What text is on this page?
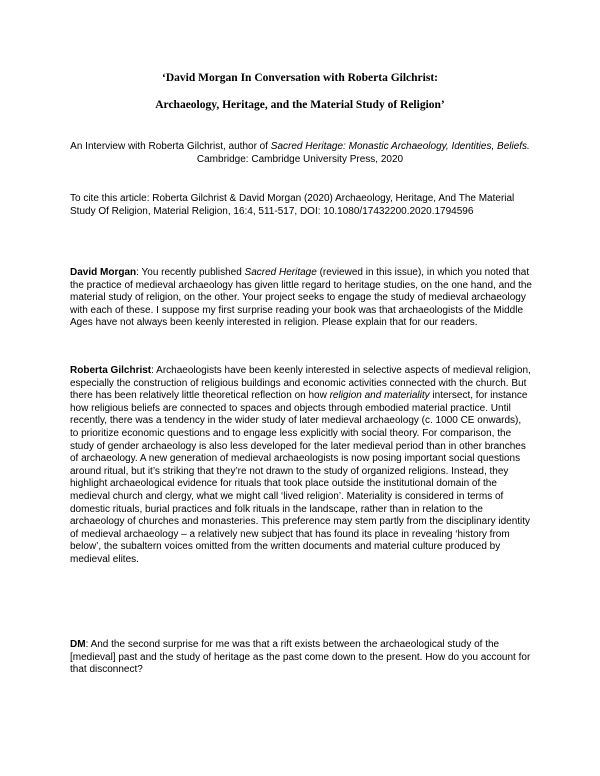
‘David Morgan In Conversation with Roberta Gilchrist:
Archaeology, Heritage, and the Material Study of Religion’
An Interview with Roberta Gilchrist, author of Sacred Heritage: Monastic Archaeology, Identities, Beliefs. Cambridge: Cambridge University Press, 2020
To cite this article: Roberta Gilchrist & David Morgan (2020) Archaeology, Heritage, And The Material Study Of Religion, Material Religion, 16:4, 511-517, DOI: 10.1080/17432200.2020.1794596
David Morgan: You recently published Sacred Heritage (reviewed in this issue), in which you noted that the practice of medieval archaeology has given little regard to heritage studies, on the one hand, and the material study of religion, on the other. Your project seeks to engage the study of medieval archaeology with each of these. I suppose my first surprise reading your book was that archaeologists of the Middle Ages have not always been keenly interested in religion. Please explain that for our readers.
Roberta Gilchrist: Archaeologists have been keenly interested in selective aspects of medieval religion, especially the construction of religious buildings and economic activities connected with the church. But there has been relatively little theoretical reflection on how religion and materiality intersect, for instance how religious beliefs are connected to spaces and objects through embodied material practice. Until recently, there was a tendency in the wider study of later medieval archaeology (c. 1000 CE onwards), to prioritize economic questions and to engage less explicitly with social theory. For comparison, the study of gender archaeology is also less developed for the later medieval period than in other branches of archaeology. A new generation of medieval archaeologists is now posing important social questions around ritual, but it’s striking that they’re not drawn to the study of organized religions. Instead, they highlight archaeological evidence for rituals that took place outside the institutional domain of the medieval church and clergy, what we might call ‘lived religion’. Materiality is considered in terms of domestic rituals, burial practices and folk rituals in the landscape, rather than in relation to the archaeology of churches and monasteries. This preference may stem partly from the disciplinary identity of medieval archaeology – a relatively new subject that has found its place in revealing ‘history from below’, the subaltern voices omitted from the written documents and material culture produced by medieval elites.
DM: And the second surprise for me was that a rift exists between the archaeological study of the [medieval] past and the study of heritage as the past come down to the present. How do you account for that disconnect?
